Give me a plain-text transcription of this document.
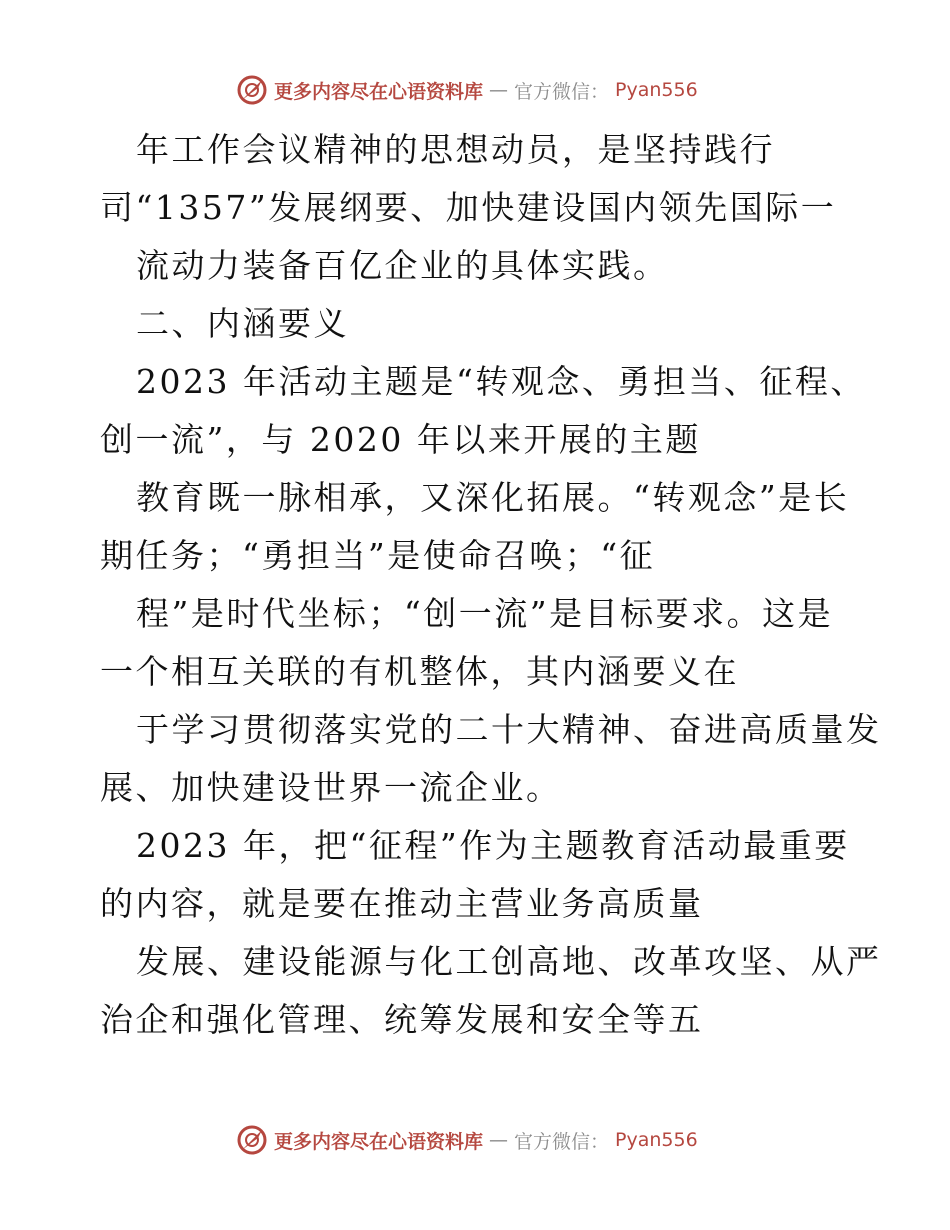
更多内容尽在心语资料库 — 官方微信： Pyan556
年工作会议精神的思想动员，是坚持践行
司“1357”发展纲要、加快建设国内领先国际一
流动力装备百亿企业的具体实践。
二、内涵要义
2023 年活动主题是“转观念、勇担当、征程、
创一流”，与 2020 年以来开展的主题
教育既一脉相承，又深化拓展。“转观念”是长
期任务；“勇担当”是使命召唤；“征
程”是时代坐标；“创一流”是目标要求。这是
一个相互关联的有机整体，其内涵要义在
于学习贯彻落实党的二十大精神、奋进高质量发
展、加快建设世界一流企业。
2023 年，把“征程”作为主题教育活动最重要
的内容，就是要在推动主营业务高质量
发展、建设能源与化工创高地、改革攻坚、从严
治企和强化管理、统筹发展和安全等五
更多内容尽在心语资料库 — 官方微信： Pyan556
